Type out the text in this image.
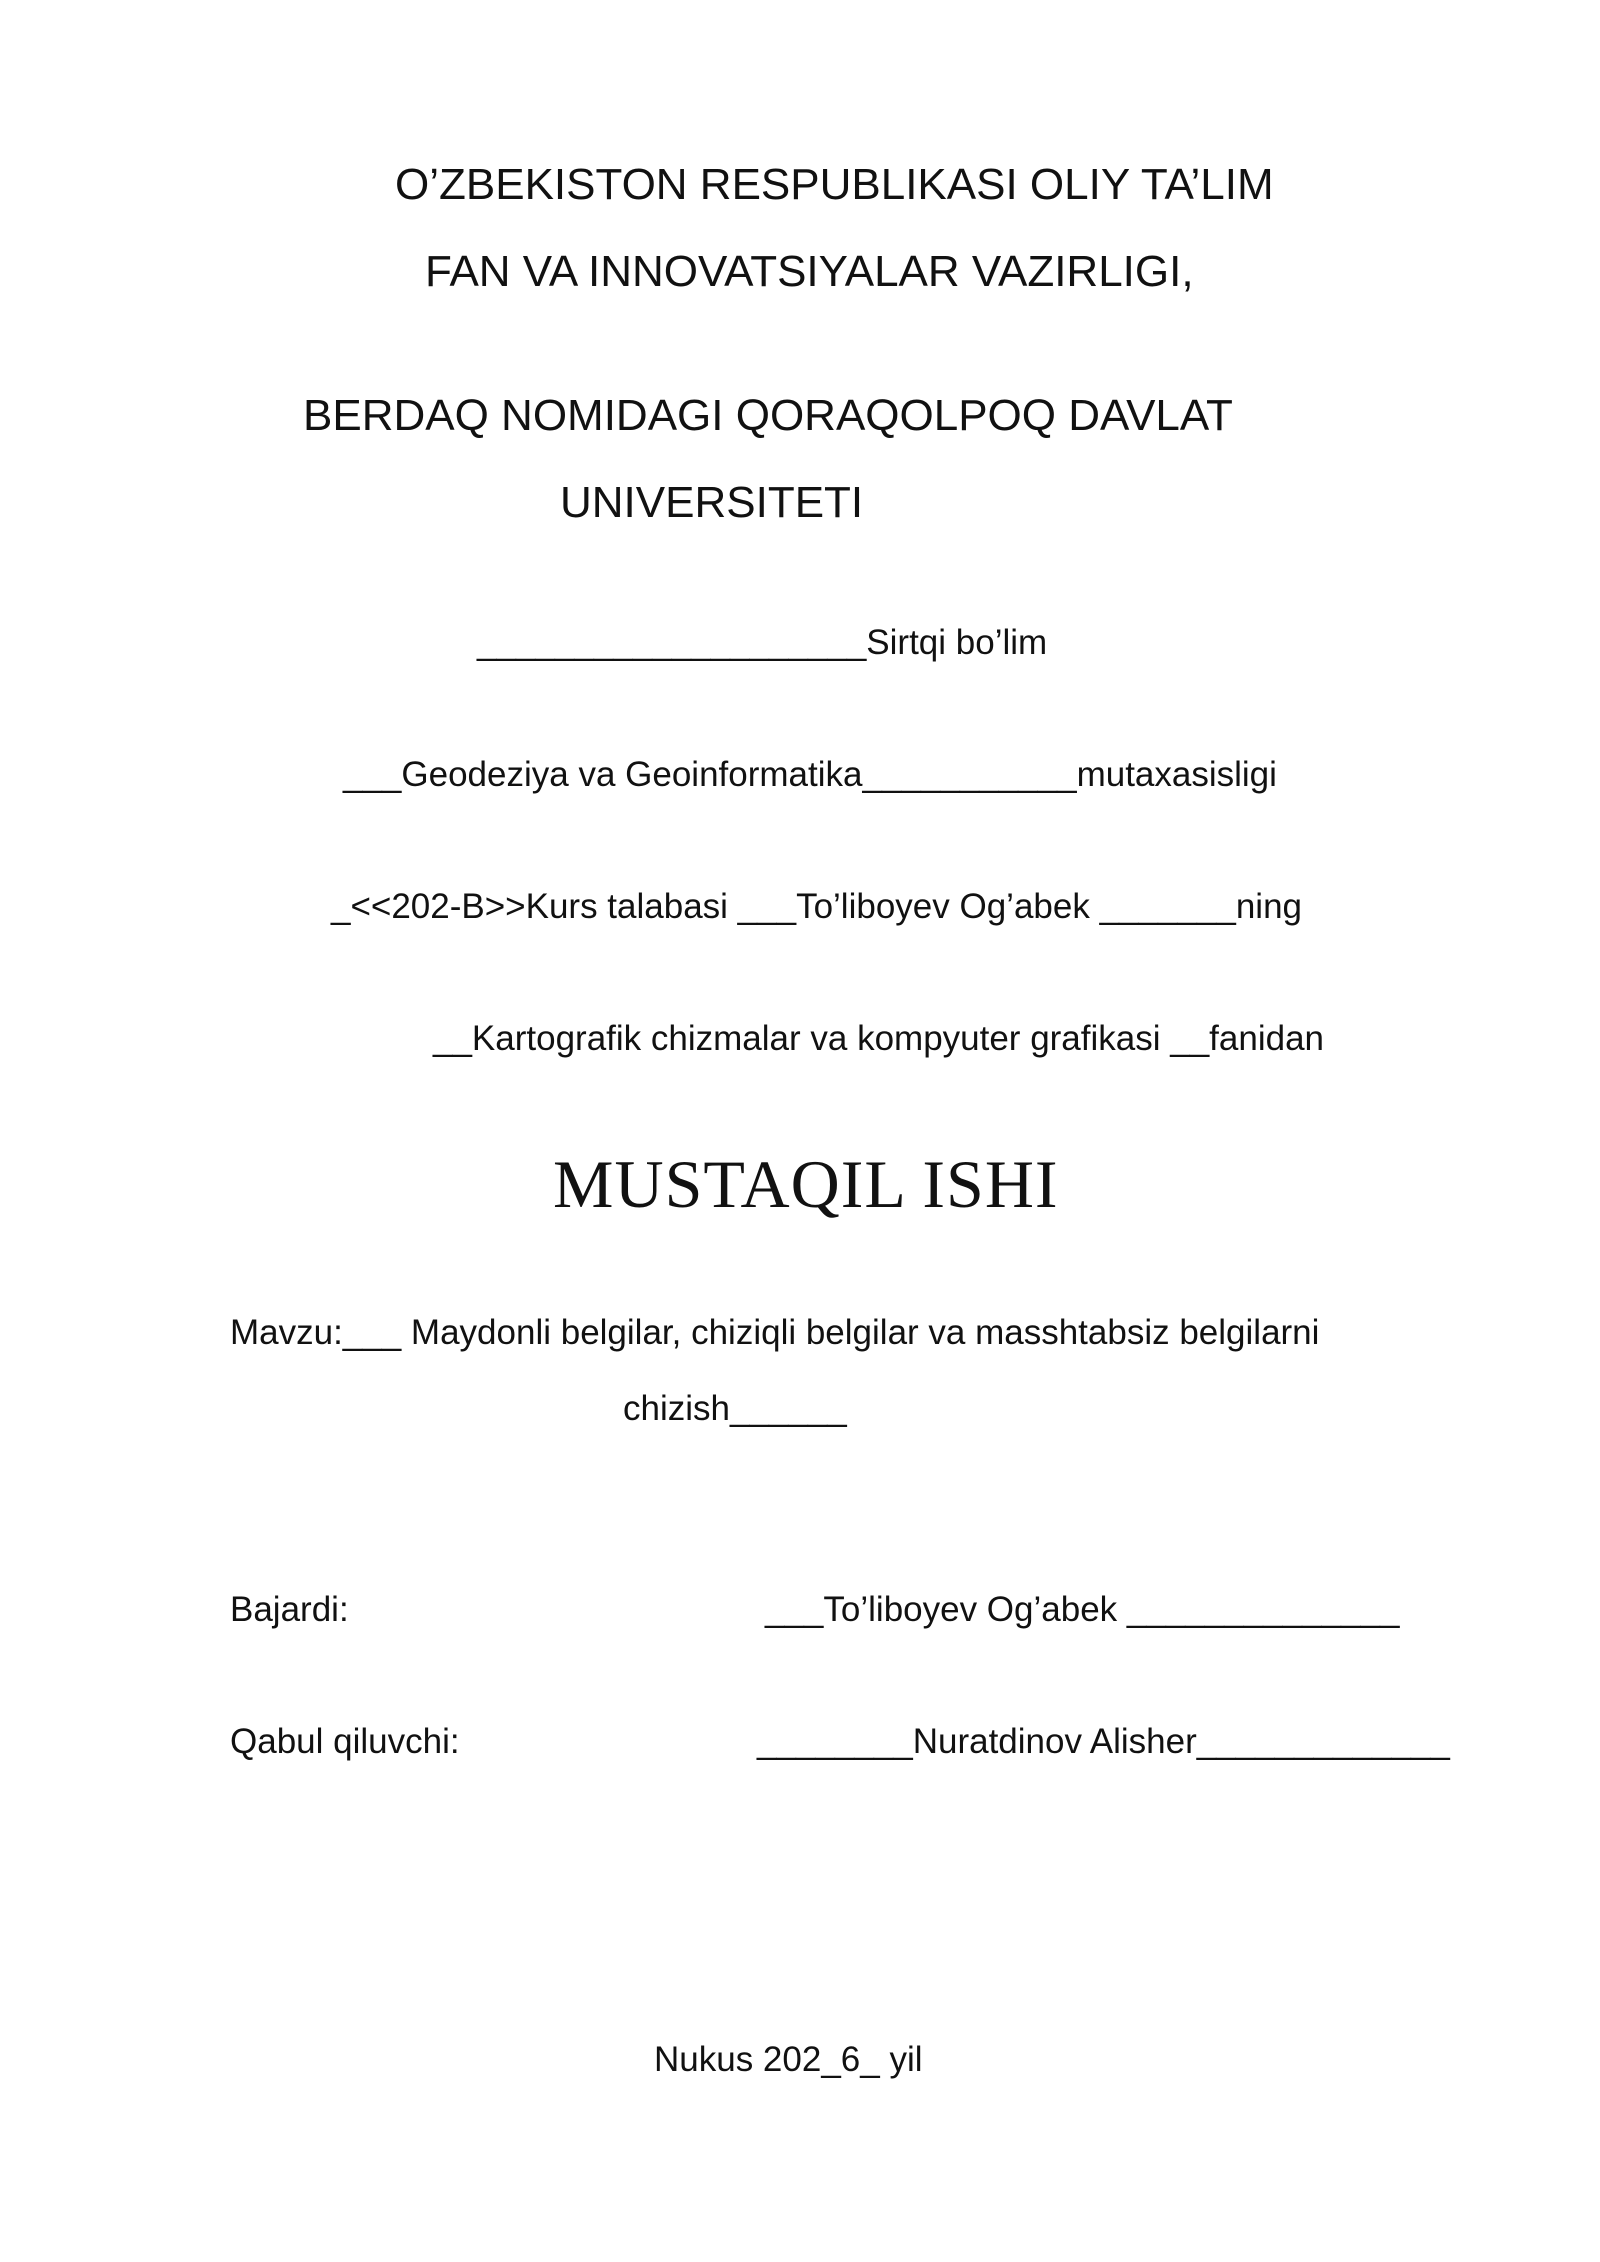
O’ZBEKISTON RESPUBLIKASI OLIY TA’LIM
FAN VA INNOVATSIYALAR VAZIRLIGI,
BERDAQ NOMIDAGI QORAQOLPOQ DAVLAT
UNIVERSITETI
____________________Sirtqi bo’lim
___Geodeziya va Geoinformatika___________mutaxasisligi
_<<202-B>>Kurs talabasi ___To’liboyev Og’abek _______ning
__Kartografik chizmalar va kompyuter grafikasi __fanidan
MUSTAQIL ISHI
Mavzu:___ Maydonli belgilar, chiziqli belgilar va masshtabsiz belgilarni
chizish______
Bajardi:	___To’liboyev Og’abek ______________
Qabul qiluvchi:	________Nuratdinov Alisher_____________
Nukus 202_6_ yil
